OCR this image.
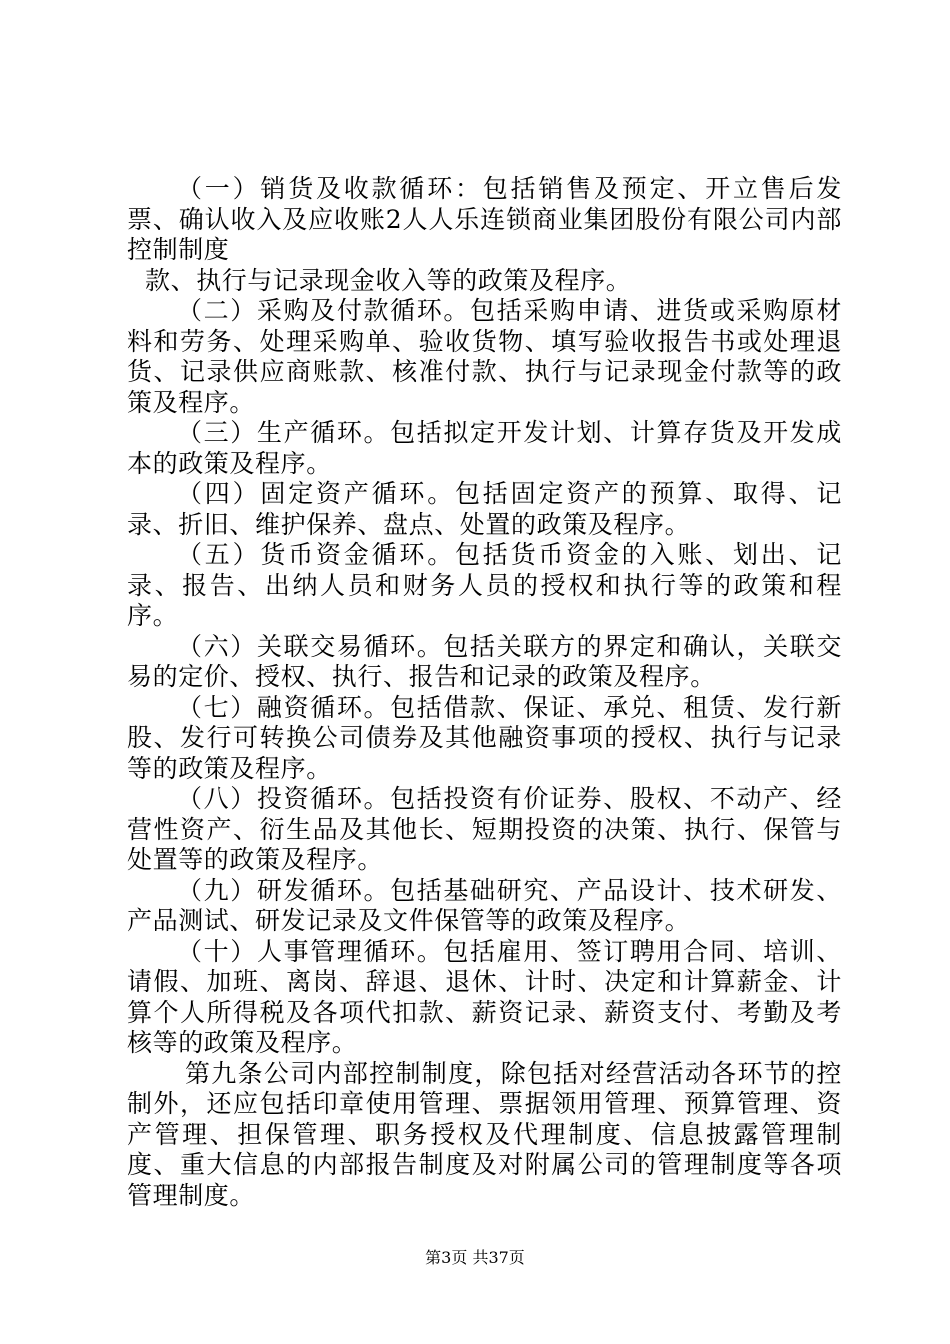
（一）销货及收款循环：包括销售及预定、开立售后发票、确认收入及应收账2人人乐连锁商业集团股份有限公司内部控制制度

款、执行与记录现金收入等的政策及程序。

（二）采购及付款循环。包括采购申请、进货或采购原材料和劳务、处理采购单、验收货物、填写验收报告书或处理退货、记录供应商账款、核准付款、执行与记录现金付款等的政策及程序。

（三）生产循环。包括拟定开发计划、计算存货及开发成本的政策及程序。

（四）固定资产循环。包括固定资产的预算、取得、记录、折旧、维护保养、盘点、处置的政策及程序。

（五）货币资金循环。包括货币资金的入账、划出、记录、报告、出纳人员和财务人员的授权和执行等的政策和程序。

（六）关联交易循环。包括关联方的界定和确认，关联交易的定价、授权、执行、报告和记录的政策及程序。

（七）融资循环。包括借款、保证、承兑、租赁、发行新股、发行可转换公司债券及其他融资事项的授权、执行与记录等的政策及程序。

（八）投资循环。包括投资有价证券、股权、不动产、经营性资产、衍生品及其他长、短期投资的决策、执行、保管与处置等的政策及程序。

（九）研发循环。包括基础研究、产品设计、技术研发、产品测试、研发记录及文件保管等的政策及程序。

（十）人事管理循环。包括雇用、签订聘用合同、培训、请假、加班、离岗、辞退、退休、计时、决定和计算薪金、计算个人所得税及各项代扣款、薪资记录、薪资支付、考勤及考核等的政策及程序。

第九条公司内部控制制度，除包括对经营活动各环节的控制外，还应包括印章使用管理、票据领用管理、预算管理、资产管理、担保管理、职务授权及代理制度、信息披露管理制度、重大信息的内部报告制度及对附属公司的管理制度等各项管理制度。

第3页 共37页
